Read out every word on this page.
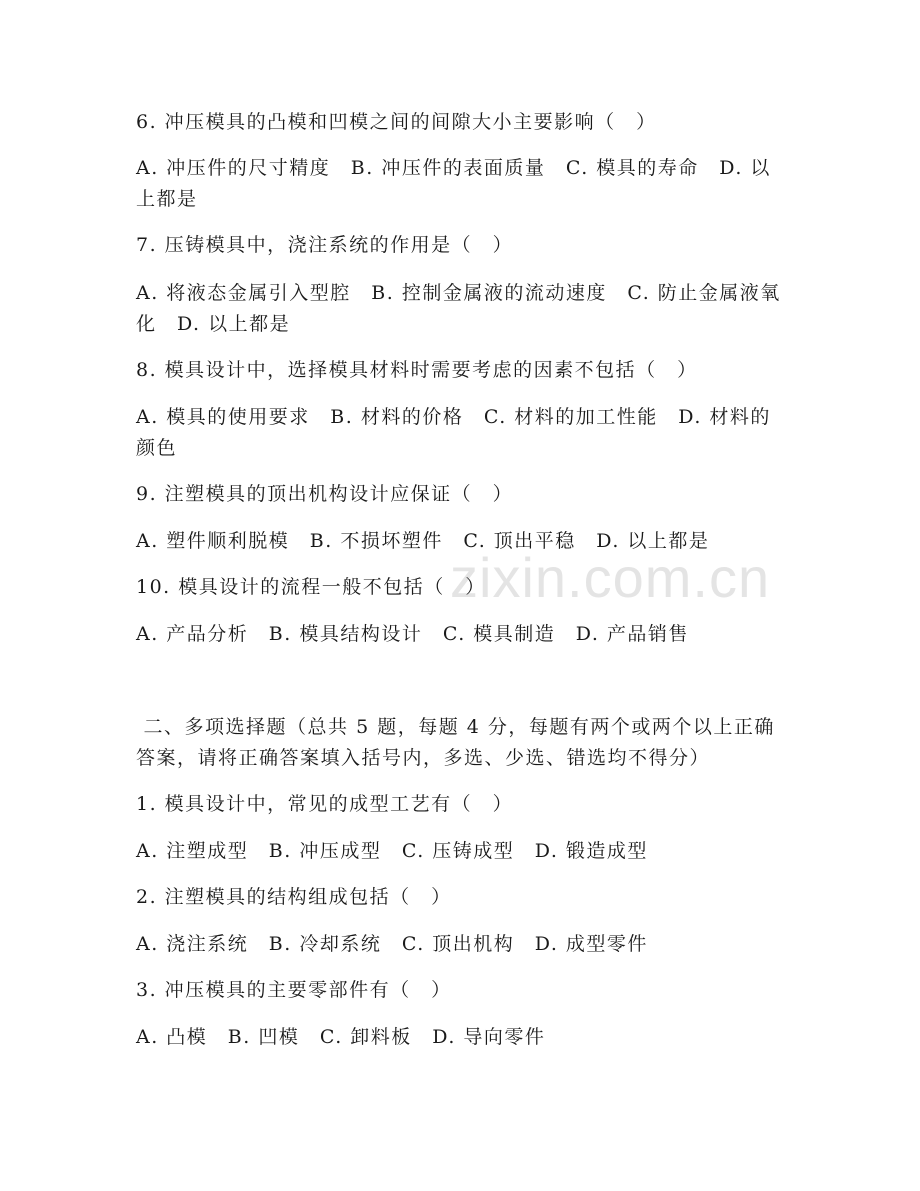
zixin.com.cn
6. 冲压模具的凸模和凹模之间的间隙大小主要影响（　）
A. 冲压件的尺寸精度　B. 冲压件的表面质量　C. 模具的寿命　D. 以上都是
7. 压铸模具中，浇注系统的作用是（　）
A. 将液态金属引入型腔　B. 控制金属液的流动速度　C. 防止金属液氧化　D. 以上都是
8. 模具设计中，选择模具材料时需要考虑的因素不包括（　）
A. 模具的使用要求　B. 材料的价格　C. 材料的加工性能　D. 材料的颜色
9. 注塑模具的顶出机构设计应保证（　）
A. 塑件顺利脱模　B. 不损坏塑件　C. 顶出平稳　D. 以上都是
10. 模具设计的流程一般不包括（　）
A. 产品分析　B. 模具结构设计　C. 模具制造　D. 产品销售
二、多项选择题（总共 5 题，每题 4 分，每题有两个或两个以上正确答案，请将正确答案填入括号内，多选、少选、错选均不得分）
1. 模具设计中，常见的成型工艺有（　）
A. 注塑成型　B. 冲压成型　C. 压铸成型　D. 锻造成型
2. 注塑模具的结构组成包括（　）
A. 浇注系统　B. 冷却系统　C. 顶出机构　D. 成型零件
3. 冲压模具的主要零部件有（　）
A. 凸模　B. 凹模　C. 卸料板　D. 导向零件
